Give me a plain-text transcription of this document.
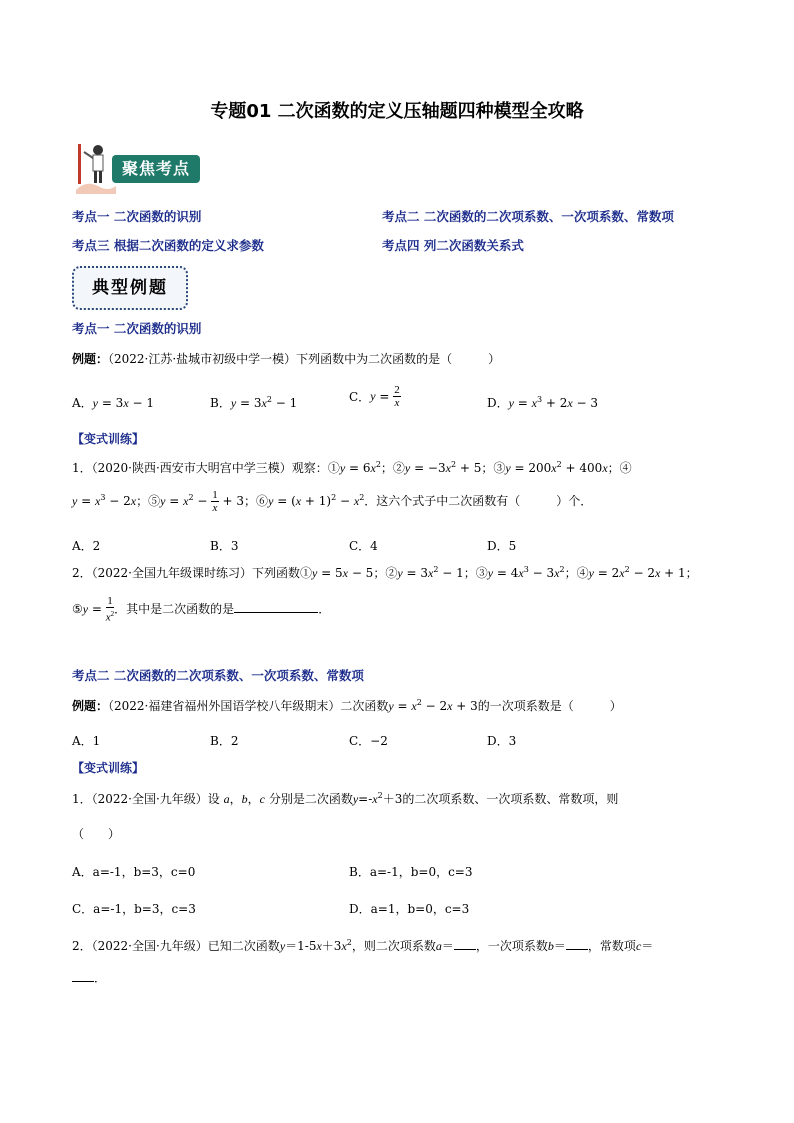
专题01 二次函数的定义压轴题四种模型全攻略
聚焦考点
考点一 二次函数的识别	考点二 二次函数的二次项系数、一次项系数、常数项
考点三 根据二次函数的定义求参数	考点四 列二次函数关系式
典型例题
考点一 二次函数的识别
例题：（2022·江苏·盐城市初级中学一模）下列函数中为二次函数的是（　　　）
A．y = 3x − 1	B．$y = 3x^2 - 1$	C．$y = \frac{2}{x}$	D．$y = x^3 + 2x - 3$
【变式训练】
1．（2020·陕西·西安市大明宫中学三模）观察：①y = $6x^2$；②y = $-3x^2 + 5$；③y = $200x^2 + 400x$；④
$y = x^3 - 2x$；⑤y = $x^2 - \frac{1}{x} + 3$；⑥y = $(x + 1)^2 - x^2$．这六个式子中二次函数有（　　　）个．
A．2	B．3	C．4	D．5
2．（2022·全国九年级课时练习）下列函数①y = 5x − 5；②y = $3x^2 - 1$；③y = $4x^3 - 3x^2$；④y = $2x^2 - 2x + 1$；
⑤y = $\frac{1}{x^2}$ ．其中是二次函数的是	．
考点二 二次函数的二次项系数、一次项系数、常数项
例题：（2022·福建省福州外国语学校八年级期末）二次函数$y = x^2 - 2x + 3$的一次项系数是（　　　）
A．1	B．2	C．−2	D．3
【变式训练】
1．（2022·全国·九年级）设 a，b，c 分别是二次函数$y=-x^2+3$的二次项系数、一次项系数、常数项，则
（　　）
A．a=-1，b=3，c=0	B．a=-1，b=0，c=3
C．a=-1，b=3，c=3	D．a=1，b=0，c=3
2．（2022·全国·九年级）已知二次函数$y=1-5x+3x^2$，则二次项系数a＝ ，一次项系数b＝ ，常数项c＝
．
